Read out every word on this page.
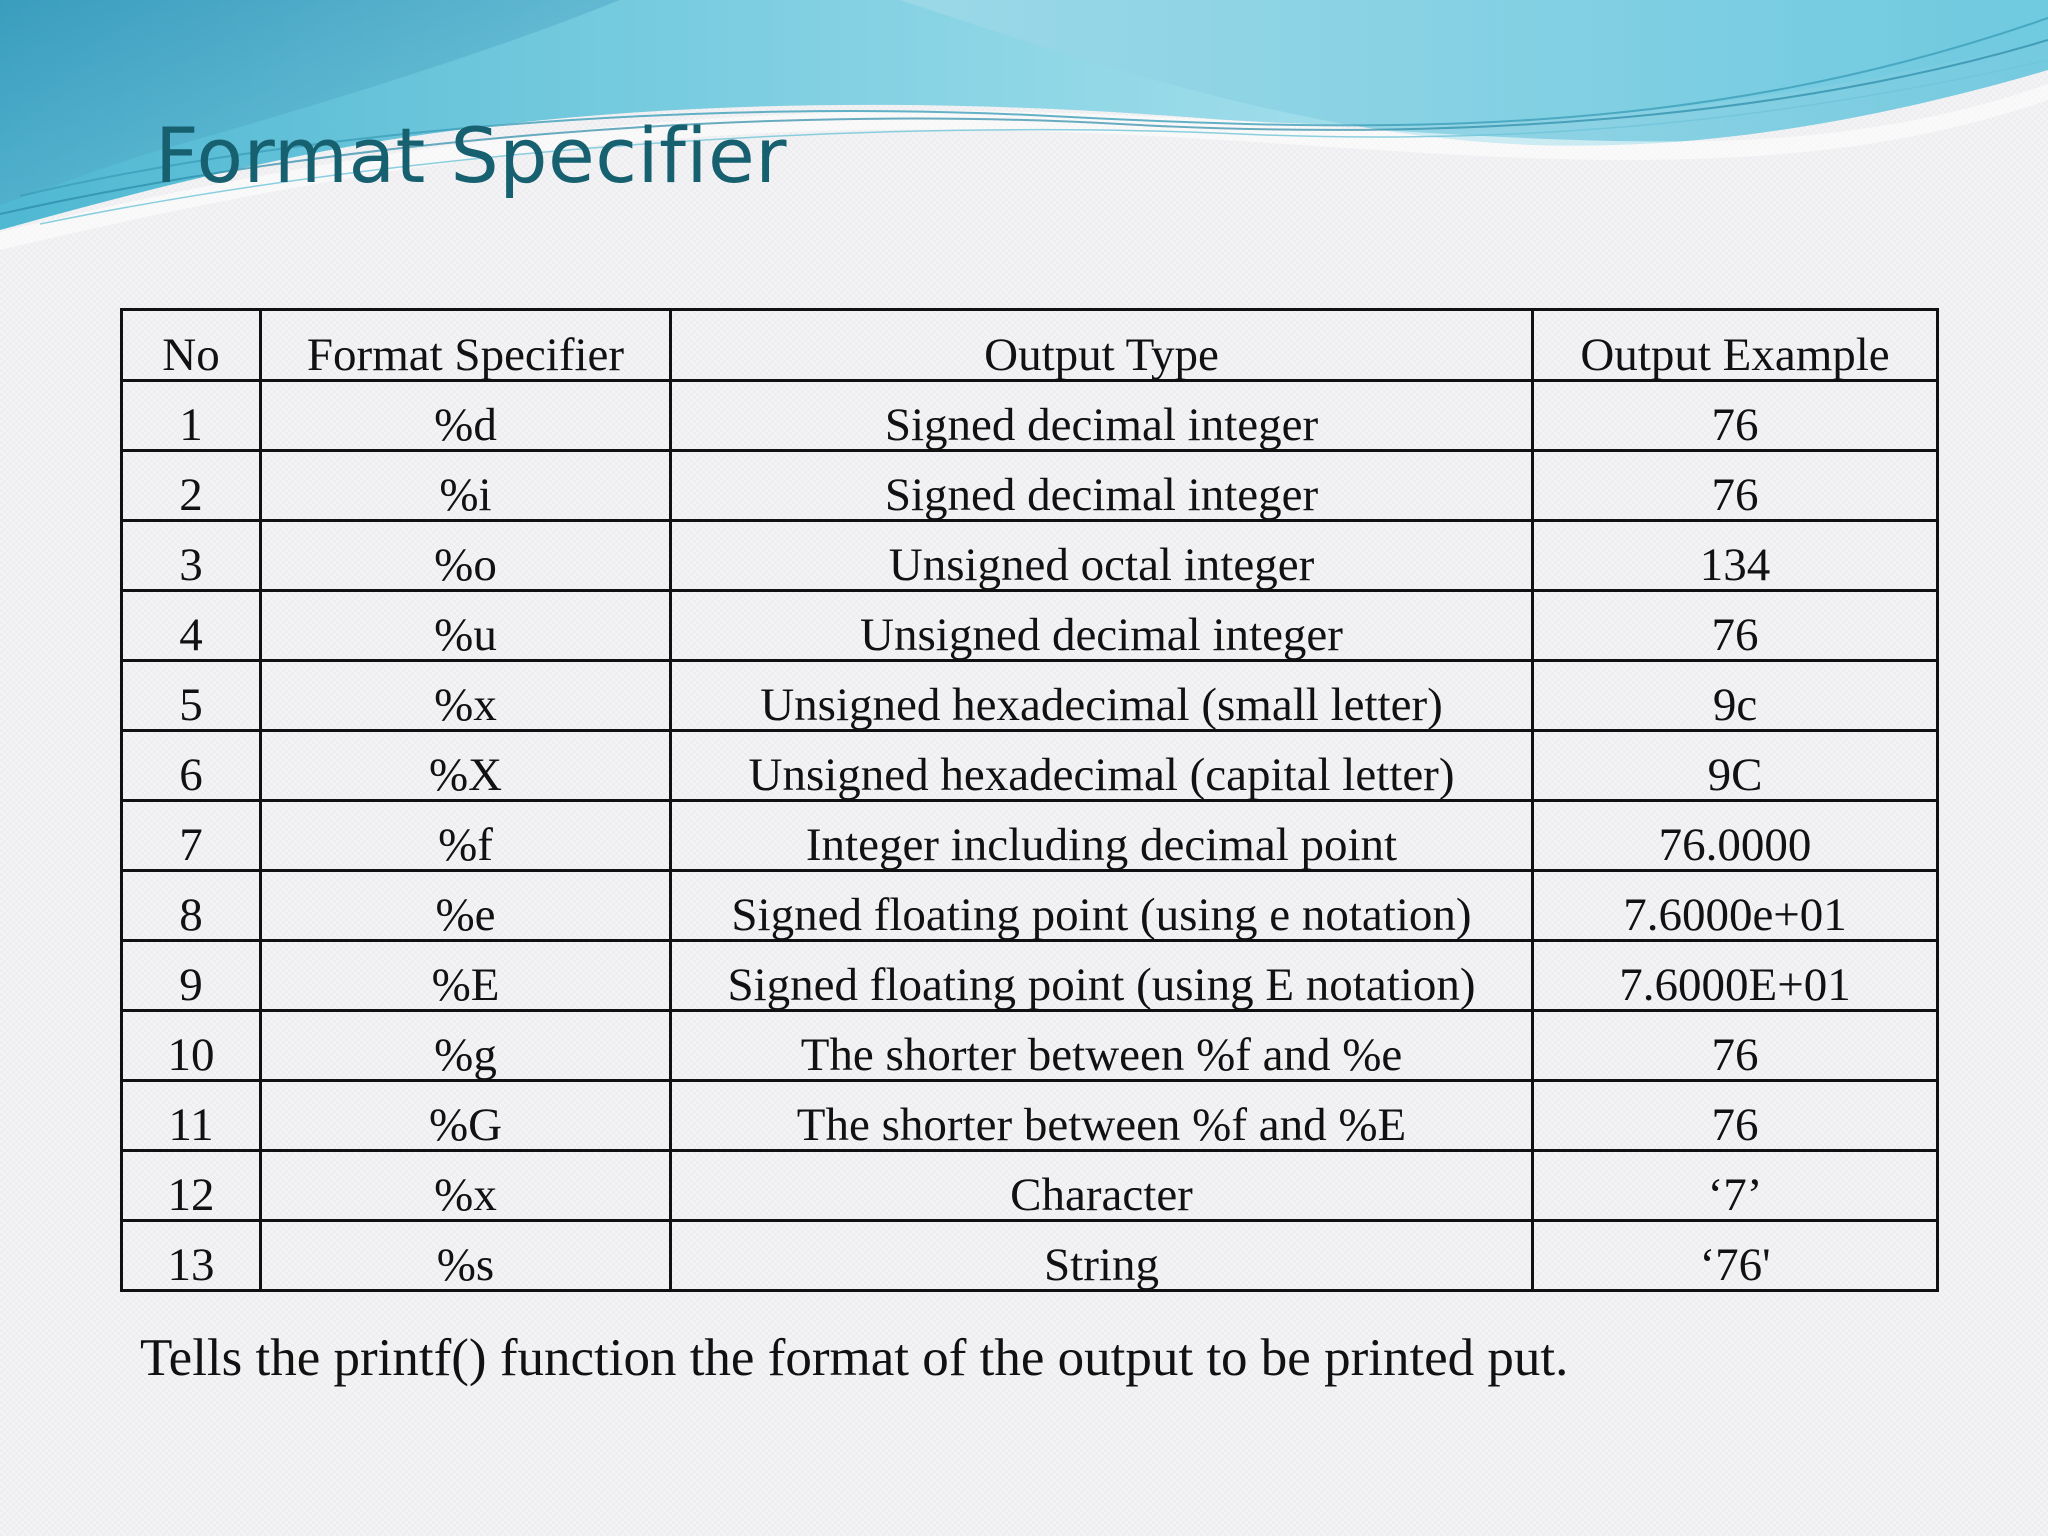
Format Specifier
No	Format Specifier	Output Type	Output Example
1	%d	Signed decimal integer	76
2	%i	Signed decimal integer	76
3	%o	Unsigned octal integer	134
4	%u	Unsigned decimal integer	76
5	%x	Unsigned hexadecimal (small letter)	9c
6	%X	Unsigned hexadecimal (capital letter)	9C
7	%f	Integer including decimal point	76.0000
8	%e	Signed floating point (using e notation)	7.6000e+01
9	%E	Signed floating point (using E notation)	7.6000E+01
10	%g	The shorter between %f and %e	76
11	%G	The shorter between %f and %E	76
12	%x	Character	‘7’
13	%s	String	‘76'

Tells the printf() function the format of the output to be printed put.
